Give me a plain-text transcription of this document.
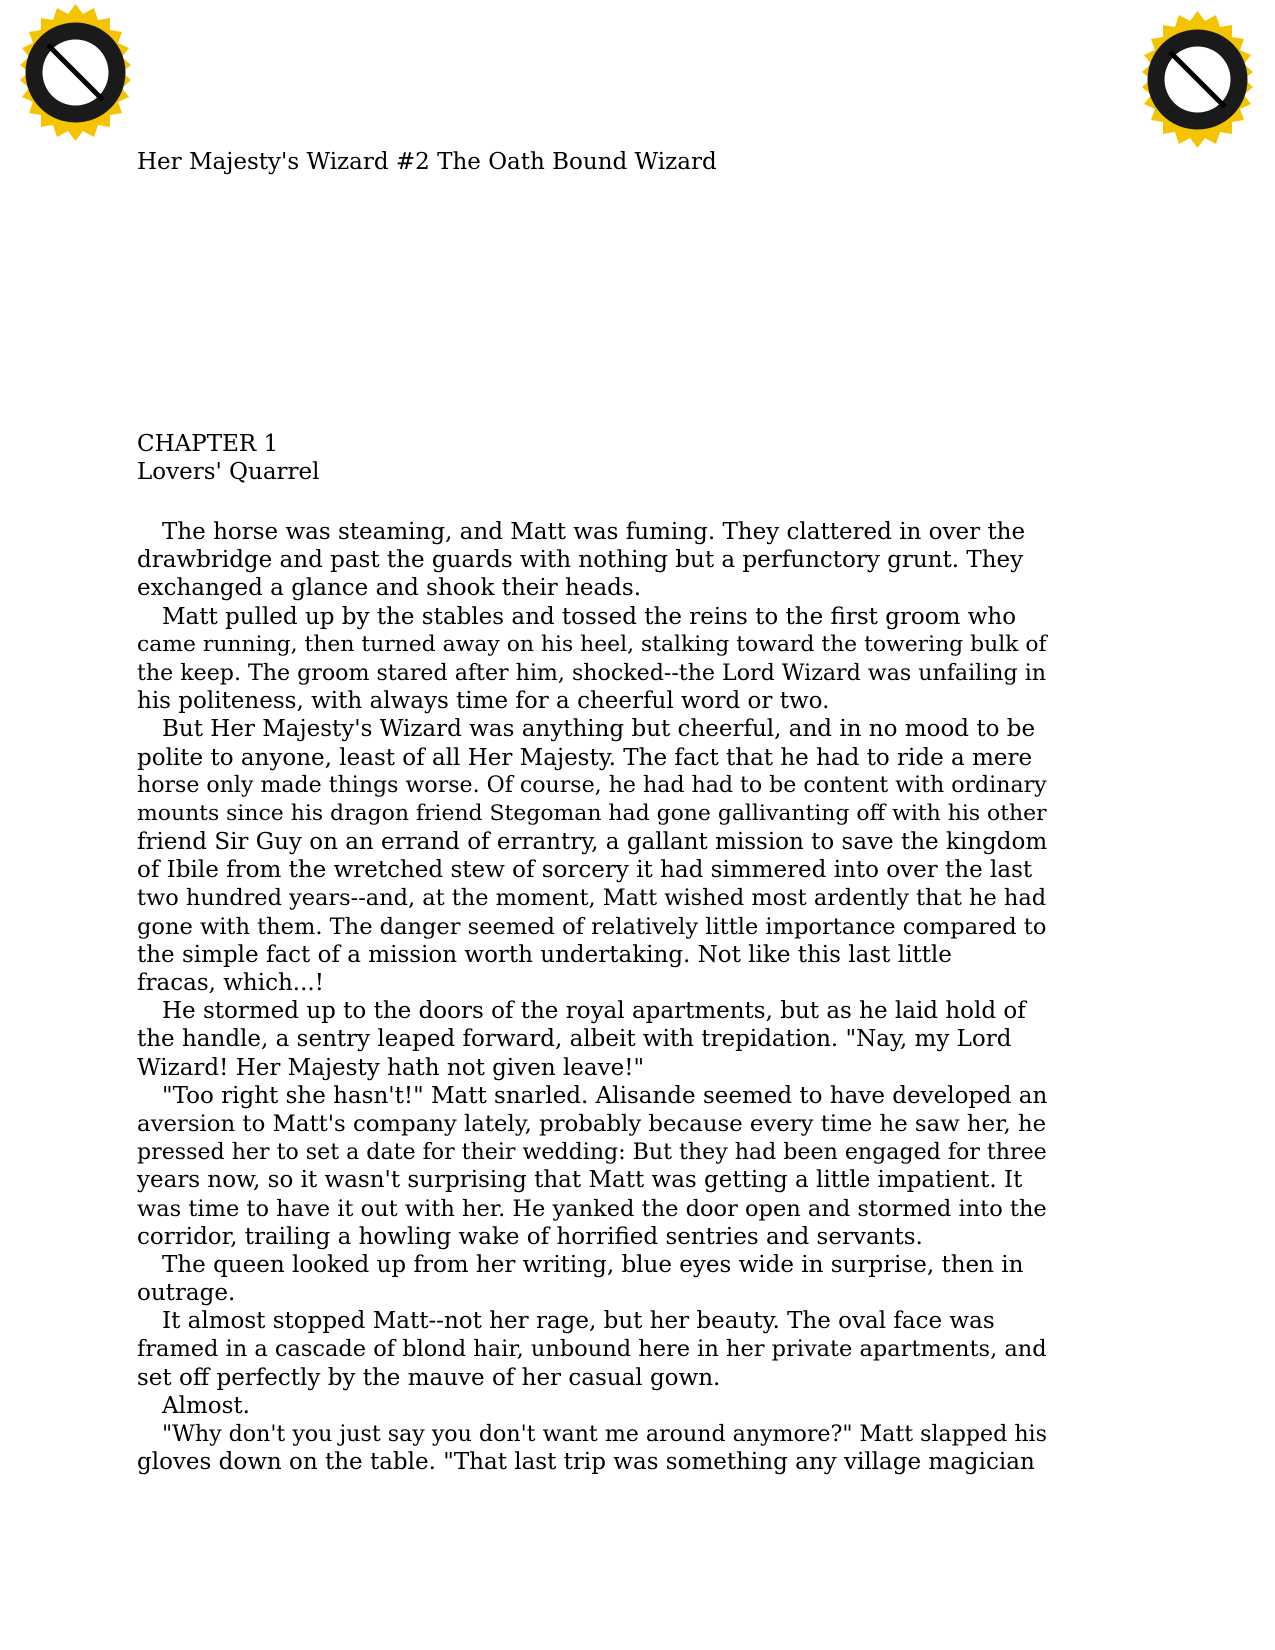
Her Majesty's Wizard #2 The Oath Bound Wizard
CHAPTER 1
Lovers' Quarrel
The horse was steaming, and Matt was fuming. They clattered in over the
drawbridge and past the guards with nothing but a perfunctory grunt. They
exchanged a glance and shook their heads.
Matt pulled up by the stables and tossed the reins to the first groom who
came running, then turned away on his heel, stalking toward the towering bulk of
the keep. The groom stared after him, shocked--the Lord Wizard was unfailing in
his politeness, with always time for a cheerful word or two.
But Her Majesty's Wizard was anything but cheerful, and in no mood to be
polite to anyone, least of all Her Majesty. The fact that he had to ride a mere
horse only made things worse. Of course, he had had to be content with ordinary
mounts since his dragon friend Stegoman had gone gallivanting off with his other
friend Sir Guy on an errand of errantry, a gallant mission to save the kingdom
of Ibile from the wretched stew of sorcery it had simmered into over the last
two hundred years--and, at the moment, Matt wished most ardently that he had
gone with them. The danger seemed of relatively little importance compared to
the simple fact of a mission worth undertaking. Not like this last little
fracas, which...!
He stormed up to the doors of the royal apartments, but as he laid hold of
the handle, a sentry leaped forward, albeit with trepidation. "Nay, my Lord
Wizard! Her Majesty hath not given leave!"
"Too right she hasn't!" Matt snarled. Alisande seemed to have developed an
aversion to Matt's company lately, probably because every time he saw her, he
pressed her to set a date for their wedding: But they had been engaged for three
years now, so it wasn't surprising that Matt was getting a little impatient. It
was time to have it out with her. He yanked the door open and stormed into the
corridor, trailing a howling wake of horrified sentries and servants.
The queen looked up from her writing, blue eyes wide in surprise, then in
outrage.
It almost stopped Matt--not her rage, but her beauty. The oval face was
framed in a cascade of blond hair, unbound here in her private apartments, and
set off perfectly by the mauve of her casual gown.
Almost.
"Why don't you just say you don't want me around anymore?" Matt slapped his
gloves down on the table. "That last trip was something any village magician
